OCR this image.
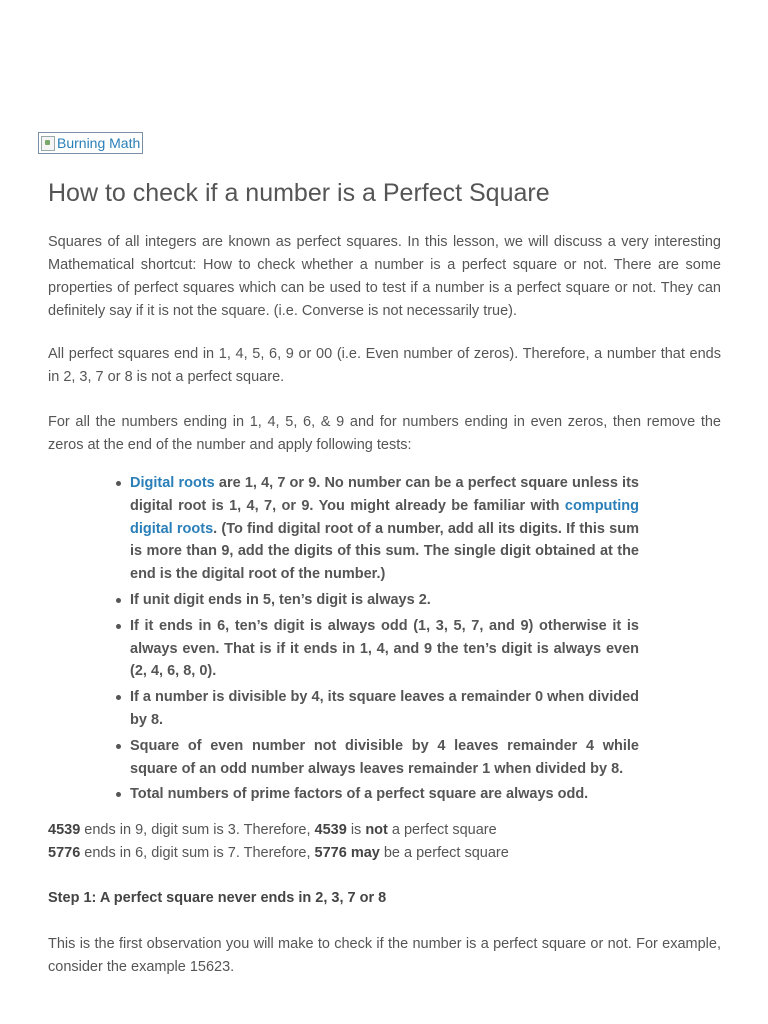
Burning Math
How to check if a number is a Perfect Square

Squares of all integers are known as perfect squares. In this lesson, we will discuss a very interesting Mathematical shortcut: How to check whether a number is a perfect square or not. There are some properties of perfect squares which can be used to test if a number is a perfect square or not. They can definitely say if it is not the square. (i.e. Converse is not necessarily true).

All perfect squares end in 1, 4, 5, 6, 9 or 00 (i.e. Even number of zeros). Therefore, a number that ends in 2, 3, 7 or 8 is not a perfect square.

For all the numbers ending in 1, 4, 5, 6, & 9 and for numbers ending in even zeros, then remove the zeros at the end of the number and apply following tests:

Digital roots are 1, 4, 7 or 9. No number can be a perfect square unless its digital root is 1, 4, 7, or 9. You might already be familiar with computing digital roots. (To find digital root of a number, add all its digits. If this sum is more than 9, add the digits of this sum. The single digit obtained at the end is the digital root of the number.)
If unit digit ends in 5, ten’s digit is always 2.
If it ends in 6, ten’s digit is always odd (1, 3, 5, 7, and 9) otherwise it is always even. That is if it ends in 1, 4, and 9 the ten’s digit is always even (2, 4, 6, 8, 0).
If a number is divisible by 4, its square leaves a remainder 0 when divided by 8.
Square of even number not divisible by 4 leaves remainder 4 while square of an odd number always leaves remainder 1 when divided by 8.
Total numbers of prime factors of a perfect square are always odd.
4539 ends in 9, digit sum is 3. Therefore, 4539 is not a perfect square
5776 ends in 6, digit sum is 7. Therefore, 5776 may be a perfect square
Step 1: A perfect square never ends in 2, 3, 7 or 8

This is the first observation you will make to check if the number is a perfect square or not. For example, consider the example 15623.
